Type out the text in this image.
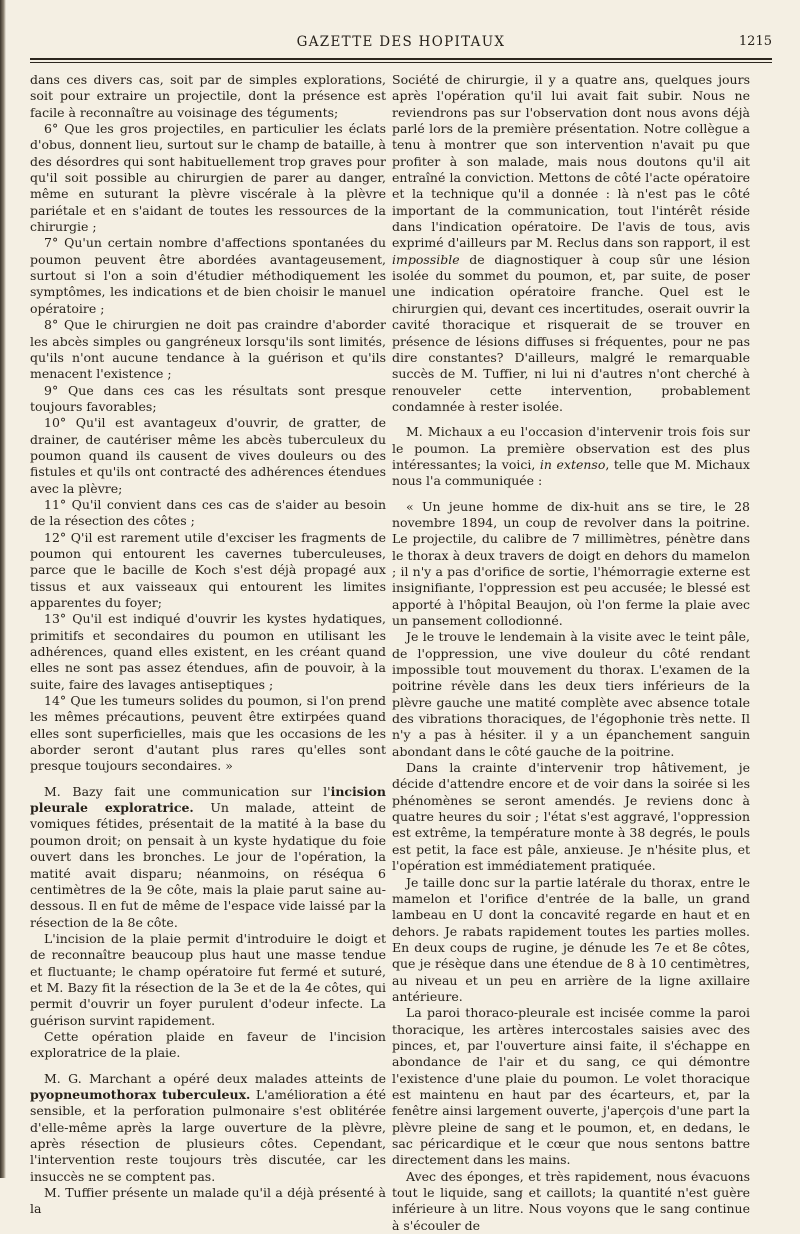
GAZETTE DES HOPITAUX	1215

dans ces divers cas, soit par de simples explorations, soit pour extraire un projectile, dont la présence est facile à reconnaître au voisinage des téguments;

6° Que les gros projectiles, en particulier les éclats d'obus, donnent lieu, surtout sur le champ de bataille, à des désordres qui sont habituellement trop graves pour qu'il soit possible au chirurgien de parer au danger, même en suturant la plèvre viscérale à la plèvre pariétale et en s'aidant de toutes les ressources de la chirurgie ;

7° Qu'un certain nombre d'affections spontanées du poumon peuvent être abordées avantageusement, surtout si l'on a soin d'étudier méthodiquement les symptômes, les indications et de bien choisir le manuel opératoire ;

8° Que le chirurgien ne doit pas craindre d'aborder les abcès simples ou gangréneux lorsqu'ils sont limités, qu'ils n'ont aucune tendance à la guérison et qu'ils menacent l'existence ;

9° Que dans ces cas les résultats sont presque toujours favorables;

10° Qu'il est avantageux d'ouvrir, de gratter, de drainer, de cautériser même les abcès tuberculeux du poumon quand ils causent de vives douleurs ou des fistules et qu'ils ont contracté des adhérences étendues avec la plèvre;

11° Qu'il convient dans ces cas de s'aider au besoin de la résection des côtes ;

12° Q'il est rarement utile d'exciser les fragments de poumon qui entourent les cavernes tuberculeuses, parce que le bacille de Koch s'est déjà propagé aux tissus et aux vaisseaux qui entourent les limites apparentes du foyer;

13° Qu'il est indiqué d'ouvrir les kystes hydatiques, primitifs et secondaires du poumon en utilisant les adhérences, quand elles existent, en les créant quand elles ne sont pas assez étendues, afin de pouvoir, à la suite, faire des lavages antiseptiques ;

14° Que les tumeurs solides du poumon, si l'on prend les mêmes précautions, peuvent être extirpées quand elles sont superficielles, mais que les occasions de les aborder seront d'autant plus rares qu'elles sont presque toujours secondaires. »

M. Bazy fait une communication sur l'incision pleurale exploratrice. Un malade, atteint de vomiques fétides, présentait de la matité à la base du poumon droit; on pensait à un kyste hydatique du foie ouvert dans les bronches. Le jour de l'opération, la matité avait disparu; néanmoins, on réséqua 6 centimètres de la 9e côte, mais la plaie parut saine au-dessous. Il en fut de même de l'espace vide laissé par la résection de la 8e côte.

L'incision de la plaie permit d'introduire le doigt et de reconnaître beaucoup plus haut une masse tendue et fluctuante; le champ opératoire fut fermé et suturé, et M. Bazy fit la résection de la 3e et de la 4e côtes, qui permit d'ouvrir un foyer purulent d'odeur infecte. La guérison survint rapidement.

Cette opération plaide en faveur de l'incision exploratrice de la plaie.

M. G. Marchant a opéré deux malades atteints de pyopneumothorax tuberculeux. L'amélioration a été sensible, et la perforation pulmonaire s'est oblitérée d'elle-même après la large ouverture de la plèvre, après résection de plusieurs côtes. Cependant, l'intervention reste toujours très discutée, car les insuccès ne se comptent pas.

M. Tuffier présente un malade qu'il a déjà présenté à la

Société de chirurgie, il y a quatre ans, quelques jours après l'opération qu'il lui avait fait subir. Nous ne reviendrons pas sur l'observation dont nous avons déjà parlé lors de la première présentation. Notre collègue a tenu à montrer que son intervention n'avait pu que profiter à son malade, mais nous doutons qu'il ait entraîné la conviction. Mettons de côté l'acte opératoire et la technique qu'il a donnée : là n'est pas le côté important de la communication, tout l'intérêt réside dans l'indication opératoire. De l'avis de tous, avis exprimé d'ailleurs par M. Reclus dans son rapport, il est impossible de diagnostiquer à coup sûr une lésion isolée du sommet du poumon, et, par suite, de poser une indication opératoire franche. Quel est le chirurgien qui, devant ces incertitudes, oserait ouvrir la cavité thoracique et risquerait de se trouver en présence de lésions diffuses si fréquentes, pour ne pas dire constantes? D'ailleurs, malgré le remarquable succès de M. Tuffier, ni lui ni d'autres n'ont cherché à renouveler cette intervention, probablement condamnée à rester isolée.

M. Michaux a eu l'occasion d'intervenir trois fois sur le poumon. La première observation est des plus intéressantes; la voici, in extenso, telle que M. Michaux nous l'a communiquée :

« Un jeune homme de dix-huit ans se tire, le 28 novembre 1894, un coup de revolver dans la poitrine. Le projectile, du calibre de 7 millimètres, pénètre dans le thorax à deux travers de doigt en dehors du mamelon ; il n'y a pas d'orifice de sortie, l'hémorragie externe est insignifiante, l'oppression est peu accusée; le blessé est apporté à l'hôpital Beaujon, où l'on ferme la plaie avec un pansement collodionné.

Je le trouve le lendemain à la visite avec le teint pâle, de l'oppression, une vive douleur du côté rendant impossible tout mouvement du thorax. L'examen de la poitrine révèle dans les deux tiers inférieurs de la plèvre gauche une matité complète avec absence totale des vibrations thoraciques, de l'égophonie très nette. Il n'y a pas à hésiter. il y a un épanchement sanguin abondant dans le côté gauche de la poitrine.

Dans la crainte d'intervenir trop hâtivement, je décide d'attendre encore et de voir dans la soirée si les phénomènes se seront amendés. Je reviens donc à quatre heures du soir ; l'état s'est aggravé, l'oppression est extrême, la température monte à 38 degrés, le pouls est petit, la face est pâle, anxieuse. Je n'hésite plus, et l'opération est immédiatement pratiquée.

Je taille donc sur la partie latérale du thorax, entre le mamelon et l'orifice d'entrée de la balle, un grand lambeau en U dont la concavité regarde en haut et en dehors. Je rabats rapidement toutes les parties molles. En deux coups de rugine, je dénude les 7e et 8e côtes, que je résèque dans une étendue de 8 à 10 centimètres, au niveau et un peu en arrière de la ligne axillaire antérieure.

La paroi thoraco-pleurale est incisée comme la paroi thoracique, les artères intercostales saisies avec des pinces, et, par l'ouverture ainsi faite, il s'échappe en abondance de l'air et du sang, ce qui démontre l'existence d'une plaie du poumon. Le volet thoracique est maintenu en haut par des écarteurs, et, par la fenêtre ainsi largement ouverte, j'aperçois d'une part la plèvre pleine de sang et le poumon, et, en dedans, le sac péricardique et le cœur que nous sentons battre directement dans les mains.

Avec des éponges, et très rapidement, nous évacuons tout le liquide, sang et caillots; la quantité n'est guère inférieure à un litre. Nous voyons que le sang continue à s'écouler de
